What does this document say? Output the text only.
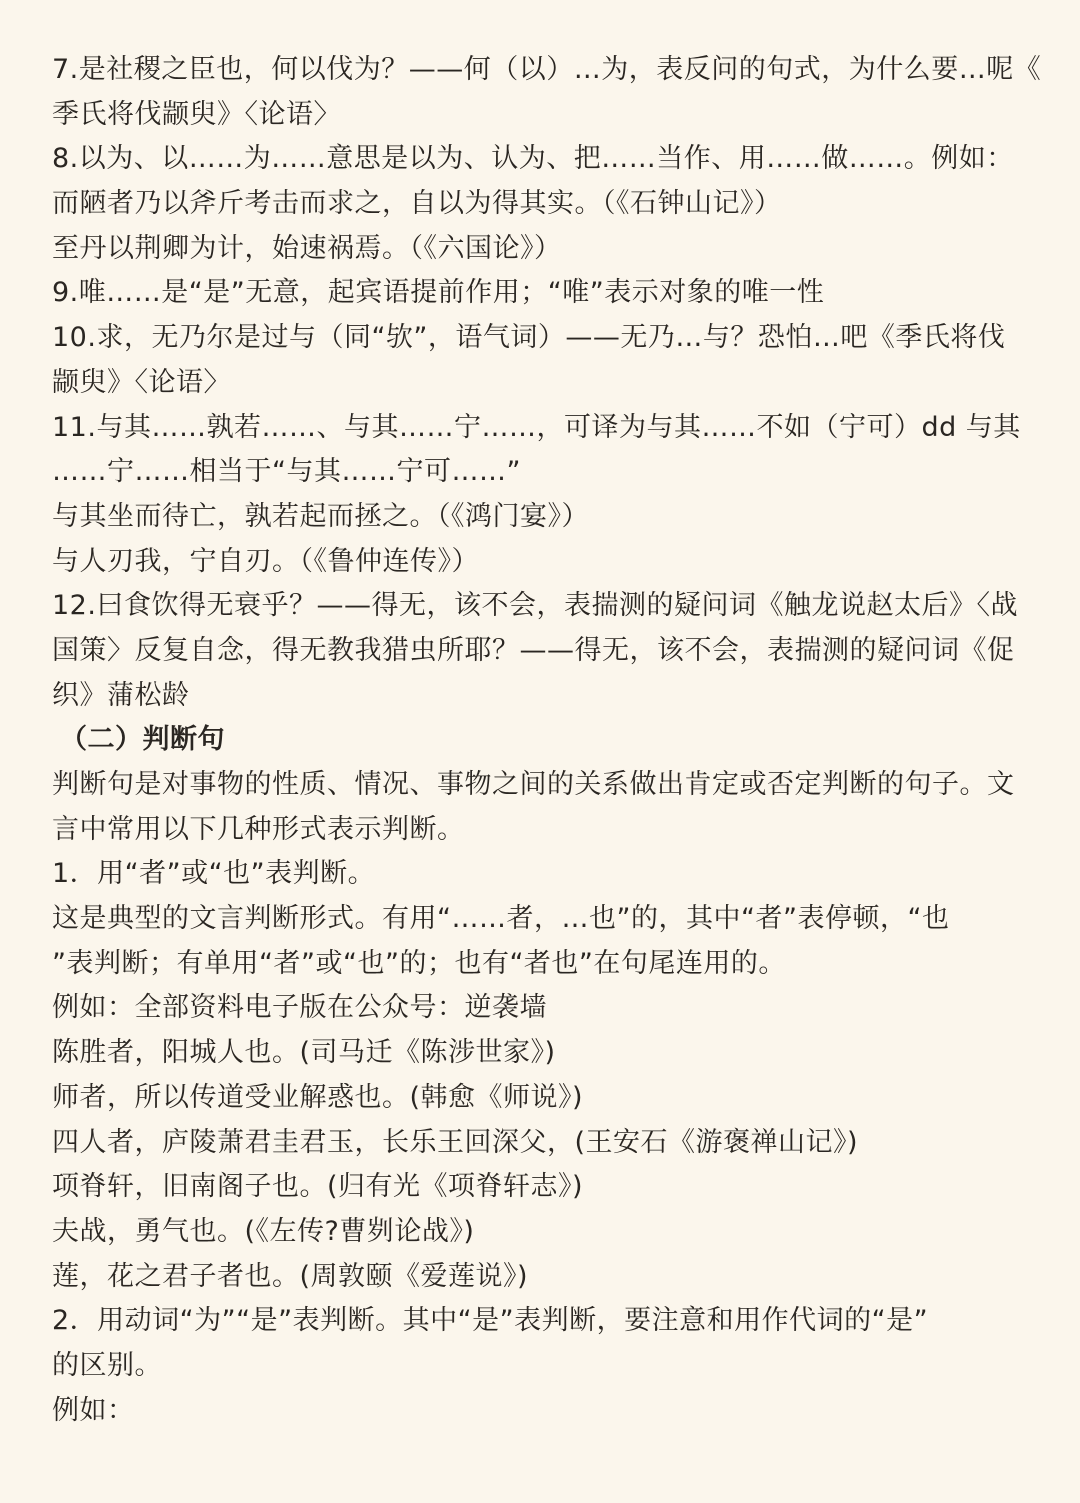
7.是社稷之臣也，何以伐为？——何（以）…为，表反问的句式，为什么要…呢《
季氏将伐颛臾》〈论语〉
8.以为、以……为……意思是以为、认为、把……当作、用……做……。例如：
而陋者乃以斧斤考击而求之，自以为得其实。（《石钟山记》）
至丹以荆卿为计，始速祸焉。（《六国论》）
9.唯……是“是”无意，起宾语提前作用；“唯”表示对象的唯一性
10.求，无乃尔是过与（同“欤”，语气词）——无乃…与？恐怕…吧《季氏将伐
颛臾》〈论语〉
11.与其……孰若……、与其……宁……，可译为与其……不如（宁可）dd 与其
……宁……相当于“与其……宁可……”
与其坐而待亡，孰若起而拯之。（《鸿门宴》）
与人刃我，宁自刃。（《鲁仲连传》）
12.曰食饮得无衰乎？——得无，该不会，表揣测的疑问词《触龙说赵太后》〈战
国策〉反复自念，得无教我猎虫所耶？——得无，该不会，表揣测的疑问词《促
织》蒲松龄
（二）判断句
判断句是对事物的性质、情况、事物之间的关系做出肯定或否定判断的句子。文
言中常用以下几种形式表示判断。
1．用“者”或“也”表判断。
这是典型的文言判断形式。有用“……者，…也”的，其中“者”表停顿，“也
”表判断；有单用“者”或“也”的；也有“者也”在句尾连用的。
例如：全部资料电子版在公众号：逆袭墙
陈胜者，阳城人也。(司马迁《陈涉世家》)
师者，所以传道受业解惑也。(韩愈《师说》)
四人者，庐陵萧君圭君玉，长乐王回深父，(王安石《游褒禅山记》)
项脊轩，旧南阁子也。(归有光《项脊轩志》)
夫战，勇气也。(《左传?曹刿论战》)
莲，花之君子者也。(周敦颐《爱莲说》)
2．用动词“为”“是”表判断。其中“是”表判断，要注意和用作代词的“是”
的区别。
例如：
